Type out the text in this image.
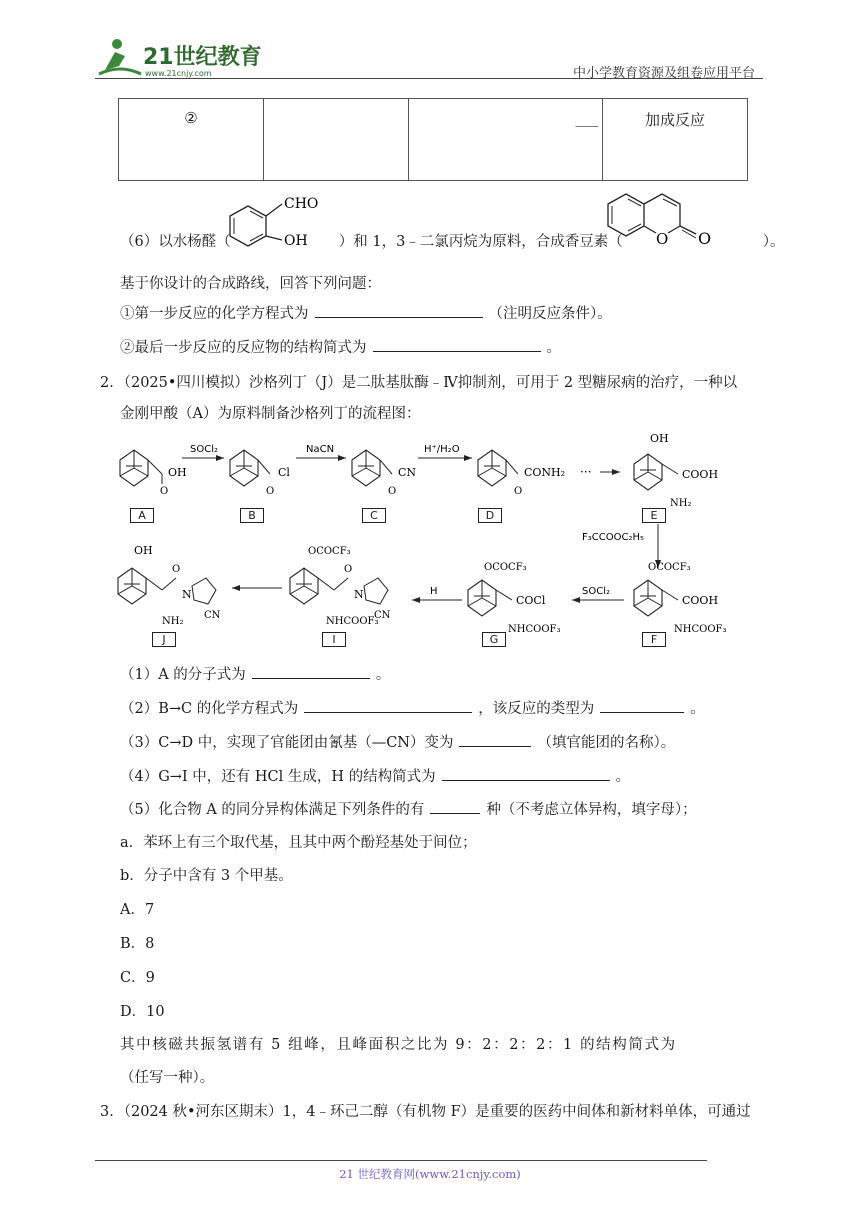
21世纪教育
www.21cnjy.com	中小学教育资源及组卷应用平台
②		___	加成反应
（6）以水杨醛（	）和 1，3﹣二氯丙烷为原料，合成香豆素（	）。
CHO
OH	O O
基于你设计的合成路线，回答下列问题：
①第一步反应的化学方程式为	（注明反应条件）。
②最后一步反应的反应物的结构简式为	。
2．（2025•四川模拟）沙格列丁（J）是二肽基肽酶﹣Ⅳ抑制剂，可用于 2 型糖尿病的治疗，一种以
金刚甲酸（A）为原料制备沙格列丁的流程图：
O
OH
SOCl₂
O
Cl
NaCN
O
CN
H⁺/H₂O
O
CONH₂ ···
OH
COOH
NH₂
F₃CCOOC₂H₅
OCOCF₃
COOH
NHCOOF₃
SOCl₂
OCOCF₃
COCl
NHCOOF₃
H
OCOCF₃
O
N
CN
NHCOOF₃
OH
O
N
CN
NH₂
A	B	C	D	E
F
G
I
J
（1）A 的分子式为	。
（2）B→C 的化学方程式为	，该反应的类型为	。
（3）C→D 中，实现了官能团由氰基（—CN）变为	（填官能团的名称）。
（4）G→I 中，还有 HCl 生成，H 的结构简式为	。
（5）化合物 A 的同分异构体满足下列条件的有	种（不考虑立体异构，填字母）；
a．苯环上有三个取代基，且其中两个酚羟基处于间位；
b．分子中含有 3 个甲基。
A．7
B．8
C．9
D．10
其中核磁共振氢谱有 5 组峰，且峰面积之比为 9：2：2：2：1 的结构简式为
（任写一种）。
3．（2024 秋•河东区期末）1，4﹣环己二醇（有机物 F）是重要的医药中间体和新材料单体，可通过
21 世纪教育网(www.21cnjy.com)
